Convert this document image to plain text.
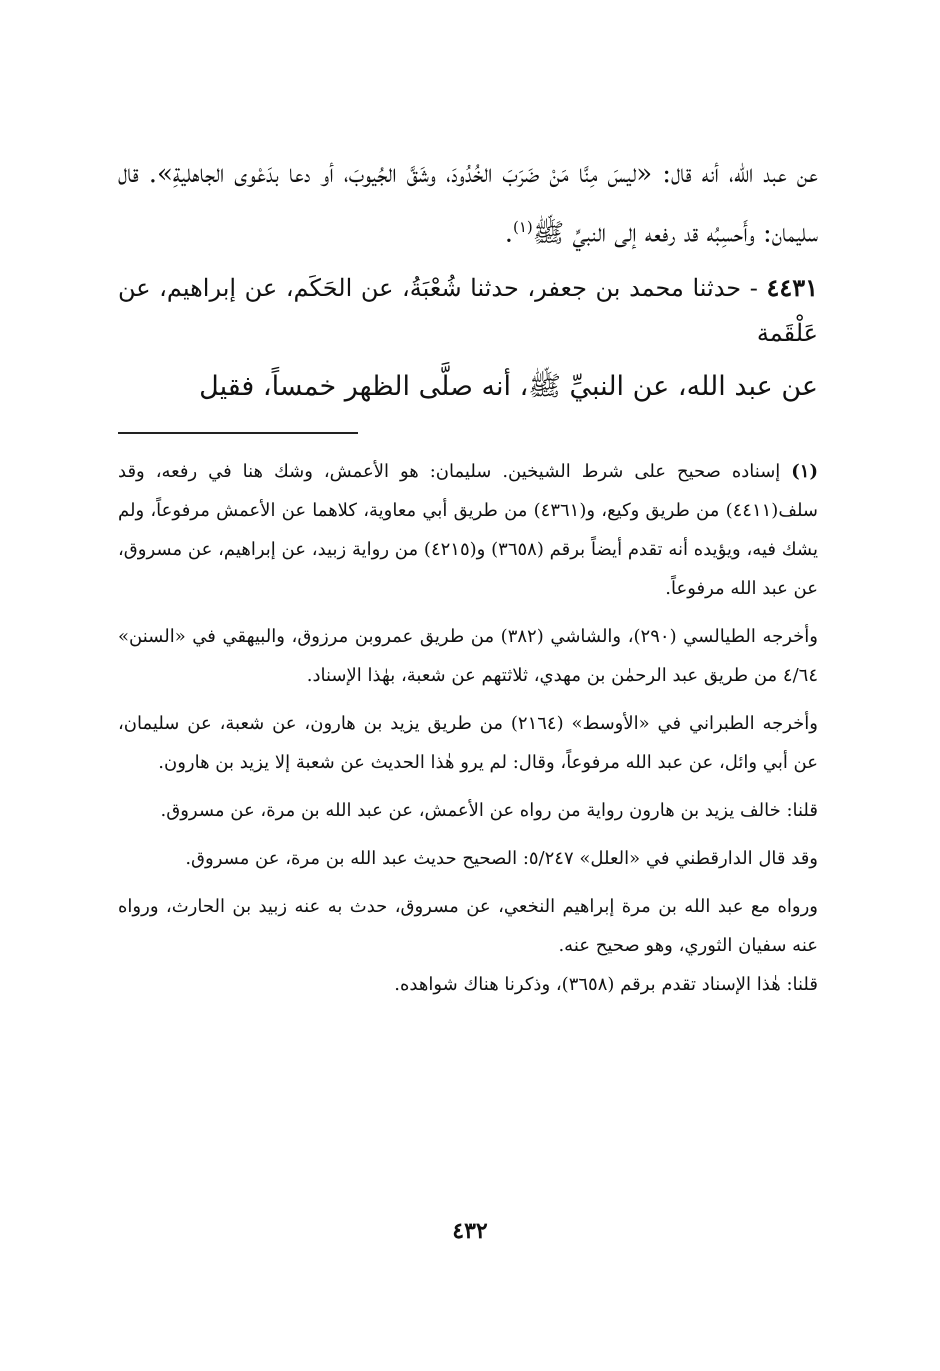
عن عبد الله، أنه قال: «ليسَ مِنَّا مَنْ ضَرَبَ الخُدُودَ، وشَقَّ الجُيوبَ، أو دعا بدَعْوى الجاهليةِ». قال سليمان: وأَحسِبُه قد رفعه إلى النبيِّ ﷺ$^{(١)}$.

٤٤٣١ - حدثنا محمد بن جعفر، حدثنا شُعْبَةُ، عن الحَكَم، عن إبراهيم، عن عَلْقَمة

عن عبد الله، عن النبيِّ ﷺ، أنه صلَّى الظهر خمساً، فقيل

(١) إسناده صحيح على شرط الشيخين. سليمان: هو الأعمش، وشك هنا في رفعه، وقد سلف(٤٤١١) من طريق وكيع، و(٤٣٦١) من طريق أبي معاوية، كلاهما عن الأعمش مرفوعاً، ولم يشك فيه، ويؤيده أنه تقدم أيضاً برقم (٣٦٥٨) و(٤٢١٥) من رواية زبيد، عن إبراهيم، عن مسروق، عن عبد الله مرفوعاً.

وأخرجه الطيالسي (٢٩٠)، والشاشي (٣٨٢) من طريق عمروبن مرزوق، والبيهقي في «السنن» ٤/٦٤ من طريق عبد الرحمٰن بن مهدي، ثلاثتهم عن شعبة، بهٰذا الإسناد.

وأخرجه الطبراني في «الأوسط» (٢١٦٤) من طريق يزيد بن هارون، عن شعبة، عن سليمان، عن أبي وائل، عن عبد الله مرفوعاً، وقال: لم يرو هٰذا الحديث عن شعبة إلا يزيد بن هارون.

قلنا: خالف يزيد بن هارون رواية من رواه عن الأعمش، عن عبد الله بن مرة، عن مسروق.

وقد قال الدارقطني في «العلل» ٥/٢٤٧: الصحيح حديث عبد الله بن مرة، عن مسروق.

ورواه مع عبد الله بن مرة إبراهيم النخعي، عن مسروق، حدث به عنه زبيد بن الحارث، ورواه عنه سفيان الثوري، وهو صحيح عنه.

قلنا: هٰذا الإسناد تقدم برقم (٣٦٥٨)، وذكرنا هناك شواهده.

٤٣٢
